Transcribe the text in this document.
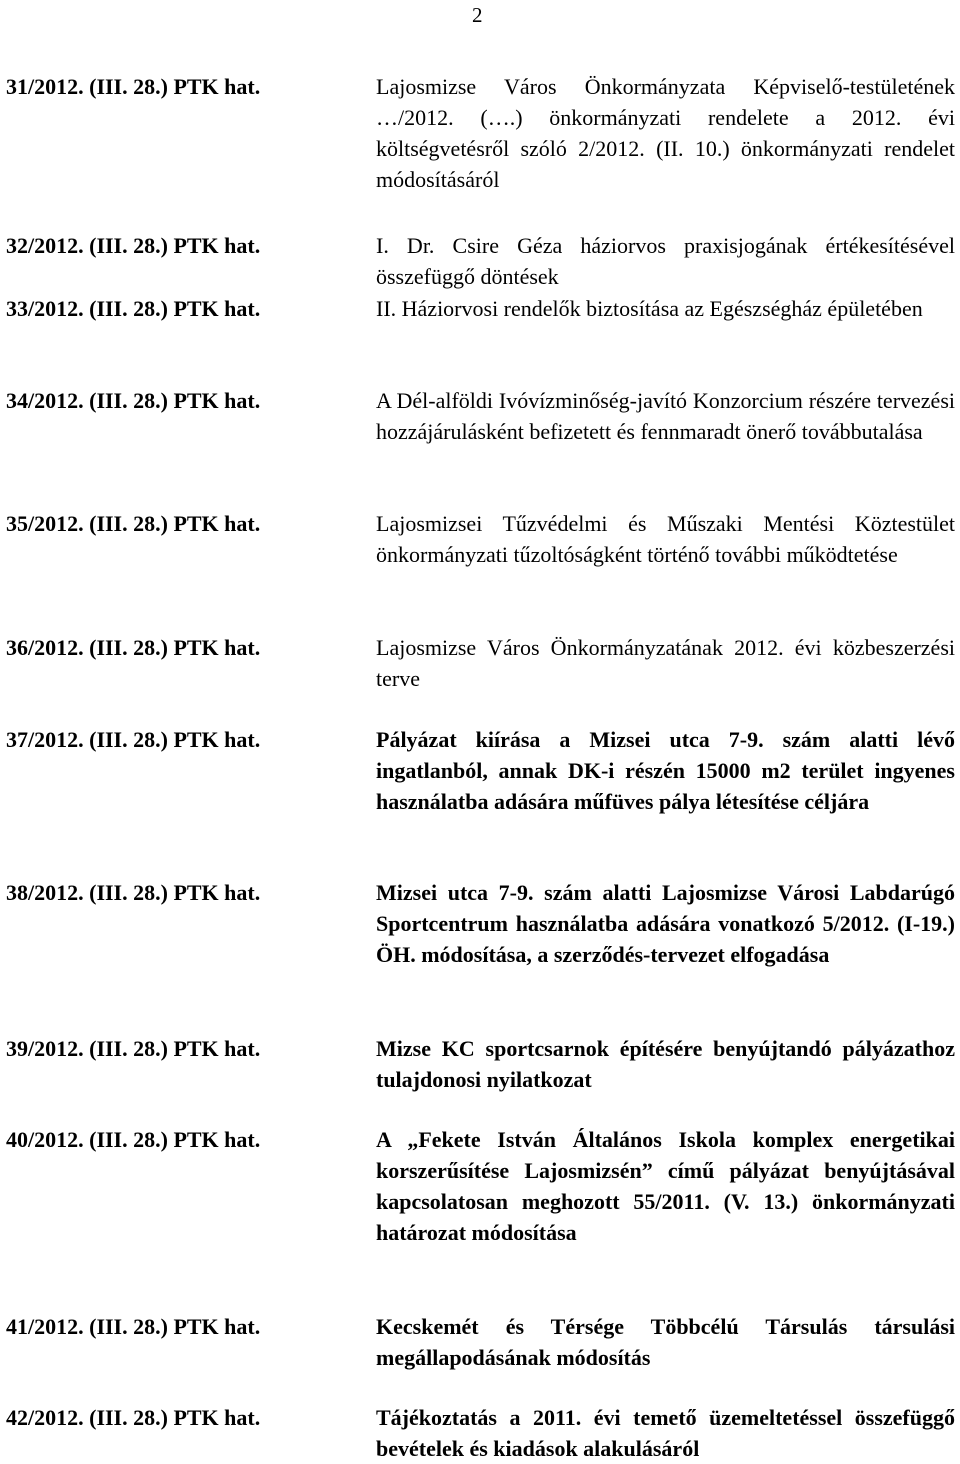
2
31/2012. (III. 28.) PTK hat.	Lajosmizse Város Önkormányzata Képviselő-testületének …/2012. (….) önkormányzati rendelete a 2012. évi költségvetésről szóló 2/2012. (II. 10.) önkormányzati rendelet módosításáról
32/2012. (III. 28.) PTK hat.	I. Dr. Csire Géza háziorvos praxisjogának értékesítésével összefüggő döntések
33/2012. (III. 28.) PTK hat.	II. Háziorvosi rendelők biztosítása az Egészségház épületében
34/2012. (III. 28.) PTK hat.	A Dél-alföldi Ivóvízminőség-javító Konzorcium részére tervezési hozzájárulásként befizetett és fennmaradt önerő továbbutalása
35/2012. (III. 28.) PTK hat.	Lajosmizsei Tűzvédelmi és Műszaki Mentési Köztestület önkormányzati tűzoltóságként történő további működtetése
36/2012. (III. 28.) PTK hat.	Lajosmizse Város Önkormányzatának 2012. évi közbeszerzési terve
37/2012. (III. 28.) PTK hat.	Pályázat kiírása a Mizsei utca 7-9. szám alatti lévő ingatlanból, annak DK-i részén 15000 m2 terület ingyenes használatba adására műfüves pálya létesítése céljára
38/2012. (III. 28.) PTK hat.	Mizsei utca 7-9. szám alatti Lajosmizse Városi Labdarúgó Sportcentrum használatba adására vonatkozó 5/2012. (I-19.) ÖH. módosítása, a szerződés-tervezet elfogadása
39/2012. (III. 28.) PTK hat.	Mizse KC sportcsarnok építésére benyújtandó pályázathoz tulajdonosi nyilatkozat
40/2012. (III. 28.) PTK hat.	A „Fekete István Általános Iskola komplex energetikai korszerűsítése Lajosmizsén” című pályázat benyújtásával kapcsolatosan meghozott 55/2011. (V. 13.) önkormányzati határozat módosítása
41/2012. (III. 28.) PTK hat.	Kecskemét és Térsége Többcélú Társulás társulási megállapodásának módosítás
42/2012. (III. 28.) PTK hat.	Tájékoztatás a 2011. évi temető üzemeltetéssel összefüggő bevételek és kiadások alakulásáról
